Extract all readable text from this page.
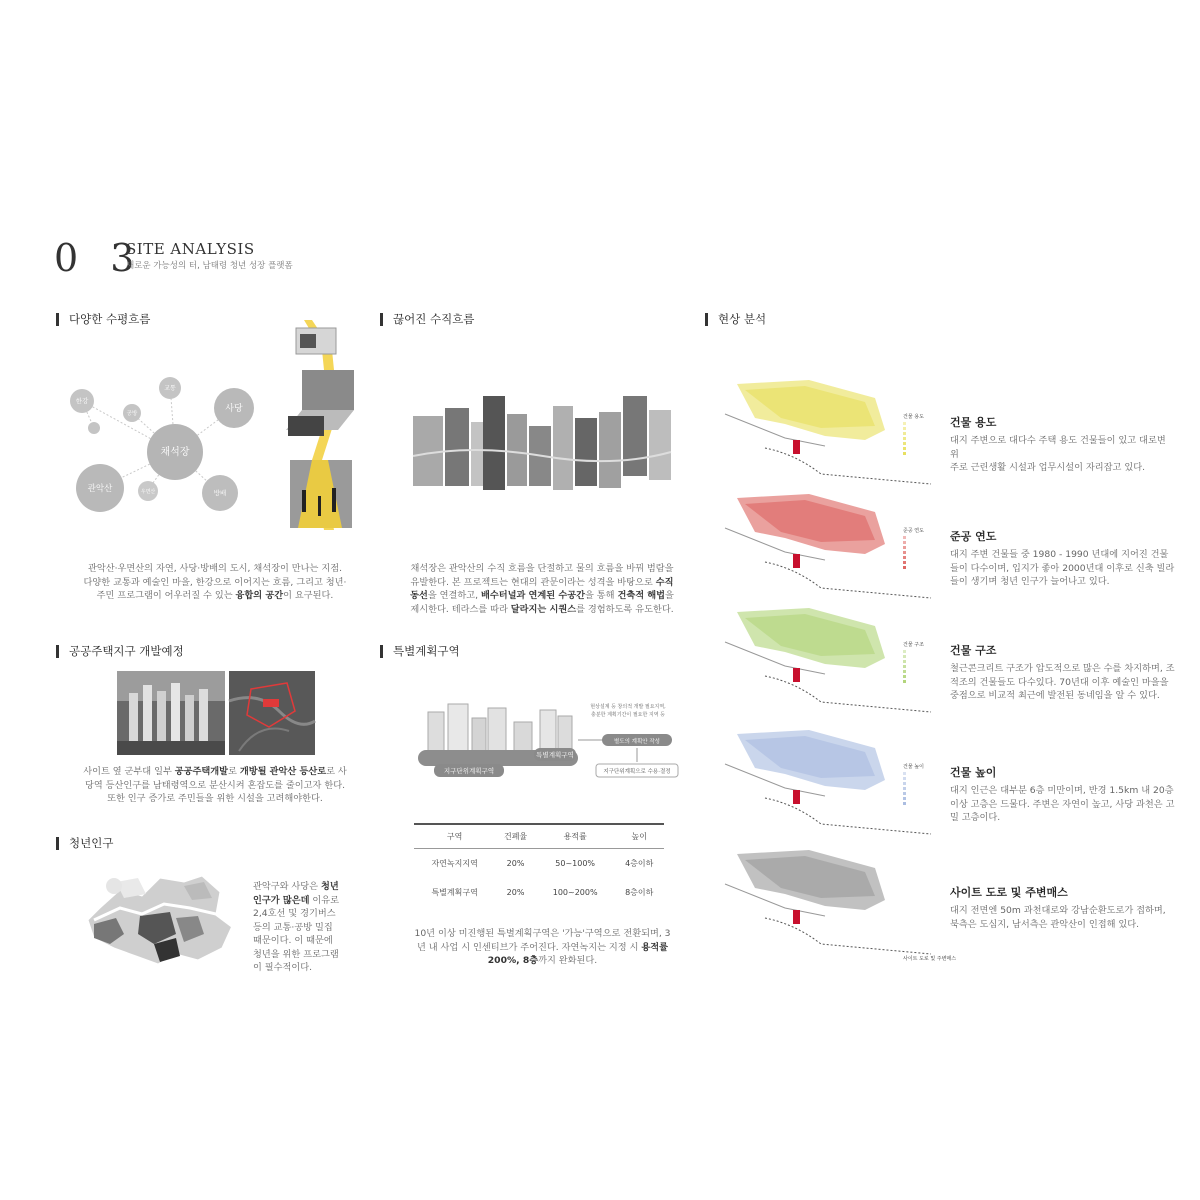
0 3
SITE ANALYSIS
새로운 가능성의 터, 남태령 청년 성장 플랫폼
다양한 수평흐름
채석장
한강
교통
사당
공방
관악산	우면산	방배
관악산·우면산의 자연, 사당·방배의 도시, 채석장이 만나는 지점.
다양한 교통과 예술인 마을, 한강으로 이어지는 흐름, 그리고 청년·
주민 프로그램이 어우러질 수 있는 융합의 공간이 요구된다.
공공주택지구 개발예정
사이트 옆 군부대 일부 공공주택개발로 개방될 관악산 등산로로 사
당역 등산인구를 남태령역으로 분산시켜 혼잡도를 줄이고자 한다.
또한 인구 증가로 주민들을 위한 시설을 고려해야한다.
청년인구
관악구와 사당은 청년
인구가 많은데 이유로
2,4호선 및 경기버스
등의 교통·공방 밀집
때문이다. 이 때문에
청년을 위한 프로그램
이 필수적이다.
끊어진 수직흐름
채석장은 관악산의 수직 흐름을 단절하고 물의 흐름을 바꿔 범람을
유발한다. 본 프로젝트는 현대의 관문이라는 성격을 바탕으로 수직
동선을 연결하고, 배수터널과 연계된 수공간을 통해 건축적 해법을
제시한다. 테라스를 따라 달라지는 시퀀스를 경험하도록 유도한다.
특별계획구역
지구단위계획구역
특별계획구역
현상설계 등 창의적 개발 필요지역,
충분한 계획기간이 필요한 지역 등
별도의 계획안 작성
지구단위계획으로 수용·결정
구역	건폐율	용적률	높이
자연녹지지역	20%	50~100%	4층이하
특별계획구역	20%	100~200%	8층이하
10년 이상 미진행된 특별계획구역은 '가능'구역으로 전환되며, 3
년 내 사업 시 인센티브가 주어진다. 자연녹지는 지정 시 용적률
200%, 8층까지 완화된다.
현상 분석
건물 용도 건물 용도
대지 주변으로 대다수 주택 용도 건물들이 있고 대로변 위
주로 근린생활 시설과 업무시설이 자리잡고 있다.
준공 연도 준공 연도
대지 주변 건물들 중 1980 - 1990 년대에 지어진 건물
들이 다수이며, 입지가 좋아 2000년대 이후로 신축 빌라
들이 생기며 청년 인구가 늘어나고 있다.
건물 구조 건물 구조
철근콘크리트 구조가 압도적으로 많은 수를 차지하며, 조
적조의 건물들도 다수있다. 70년대 이후 예술인 마을을
중점으로 비교적 최근에 발전된 동네임을 알 수 있다.
건물 높이 건물 높이
대지 인근은 대부분 6층 미만이며, 반경 1.5km 내 20층
이상 고층은 드물다. 주변은 자연이 높고, 사당 과천은 고
밀 고층이다.
사이트 도로 및 주변매스
사이트 도로 및 주변매스
대지 전면엔 50m 과천대로와 강남순환도로가 접하며,
북측은 도심지, 남서측은 관악산이 인접해 있다.
